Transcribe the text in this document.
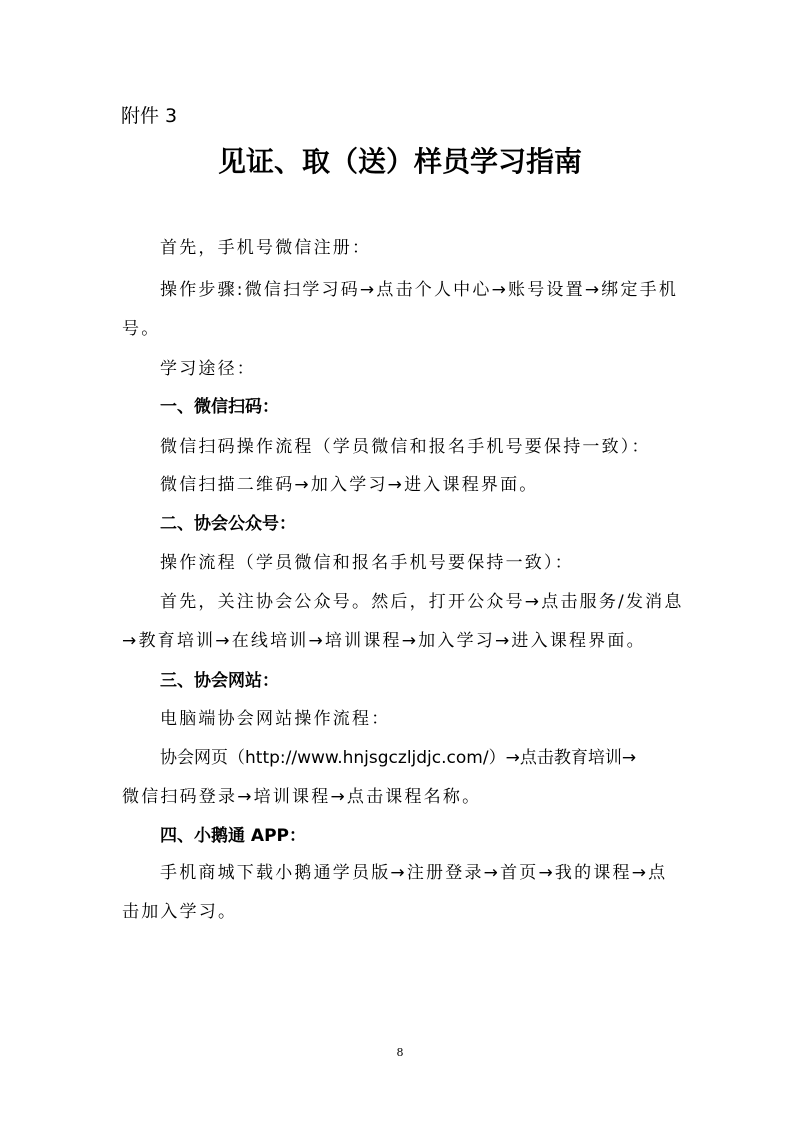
附件 3
见证、取（送）样员学习指南
首先，手机号微信注册：
操作步骤:微信扫学习码→点击个人中心→账号设置→绑定手机
号。
学习途径：
一、微信扫码：
微信扫码操作流程（学员微信和报名手机号要保持一致）：
微信扫描二维码→加入学习→进入课程界面。
二、协会公众号：
操作流程（学员微信和报名手机号要保持一致）：
首先，关注协会公众号。然后，打开公众号→点击服务/发消息
→教育培训→在线培训→培训课程→加入学习→进入课程界面。
三、协会网站：
电脑端协会网站操作流程：
协会网页（http://www.hnjsgczljdjc.com/）→点击教育培训→
微信扫码登录→培训课程→点击课程名称。
四、小鹅通 APP：
手机商城下载小鹅通学员版→注册登录→首页→我的课程→点
击加入学习。
8
